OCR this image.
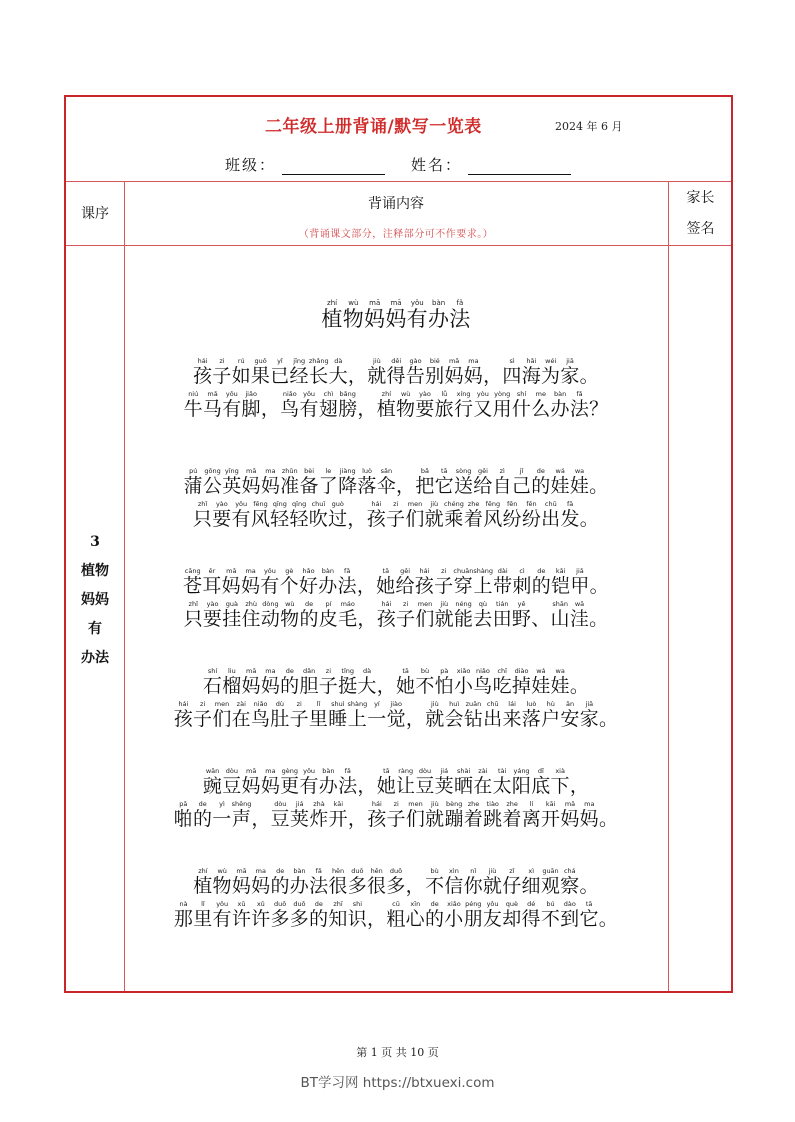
二年级上册背诵/默写一览表	2024 年 6 月
班级：	姓名：
课序
背诵内容
（背诵课文部分，注释部分可不作要求。）
家长
签名
3
植物
妈妈
有
办法
植zhí物wù妈mā妈mā有yǒu办bàn法fǎ
孩hái子zi如rú果guǒ已yǐ经jīng长zhǎng大dà， 就jiù得děi告gào别bié妈mā妈ma， 四sì海hǎi为wéi家jiā。
牛niú马mǎ有yǒu脚jiǎo， 鸟niǎo有yǒu翅chì膀bǎng， 植zhí物wù要yào旅lǚ行xíng又yòu用yòng什shí么me办bàn法fǎ？
蒲pú公gōng英yīng妈mā妈ma准zhǔn备bèi了le降jiàng落luò伞sǎn， 把bǎ它tā送sòng给gěi自zì己jǐ的de娃wá娃wa。
只zhǐ要yào有yǒu风fēng轻qīng轻qīng吹chuī过guò， 孩hái子zi们men就jiù乘chéng着zhe风fēng纷fēn纷fēn出chū发fā。
苍cāng耳ěr妈mā妈ma有yǒu个gè好hǎo办bàn法fǎ， 她tā给gěi孩hái子zi穿chuān上shàng带dài刺cì的de铠kǎi甲jiǎ。
只zhǐ要yào挂guà住zhù动dòng物wù的de皮pí毛máo， 孩hái子zi们men就jiù能néng去qù田tián野yě、 山shān洼wā。
石shí榴liu妈mā妈ma的de胆dǎn子zi挺tǐng大dà， 她tā不bù怕pà小xiǎo鸟niǎo吃chī掉diào娃wá娃wa。
孩hái子zi们men在zài鸟niǎo肚dù子zi里lǐ睡shuì上shàng一yí觉jiào， 就jiù会huì钻zuān出chū来lái落luò户hù安ān家jiā。
豌wān豆dòu妈mā妈ma更gèng有yǒu办bàn法fǎ， 她tā让ràng豆dòu荚jiá晒shài在zài太tài阳yáng底dǐ下xià，
啪pā的de一yì声shēng， 豆dòu荚jiá炸zhà开kāi， 孩hái子zi们men就jiù蹦bèng着zhe跳tiào着zhe离lí开kāi妈mā妈ma。
植zhí物wù妈mā妈ma的de办bàn法fǎ很hěn多duō很hěn多duō， 不bù信xìn你nǐ就jiù仔zǐ细xì观guān察chá。
那nà里lǐ有yǒu许xǔ许xǔ多duō多duō的de知zhī识shi， 粗cū心xīn的de小xiǎo朋péng友yǒu却què得dé不bú到dào它tā。
第 1 页 共 10 页
BT学习网 https://btxuexi.com
